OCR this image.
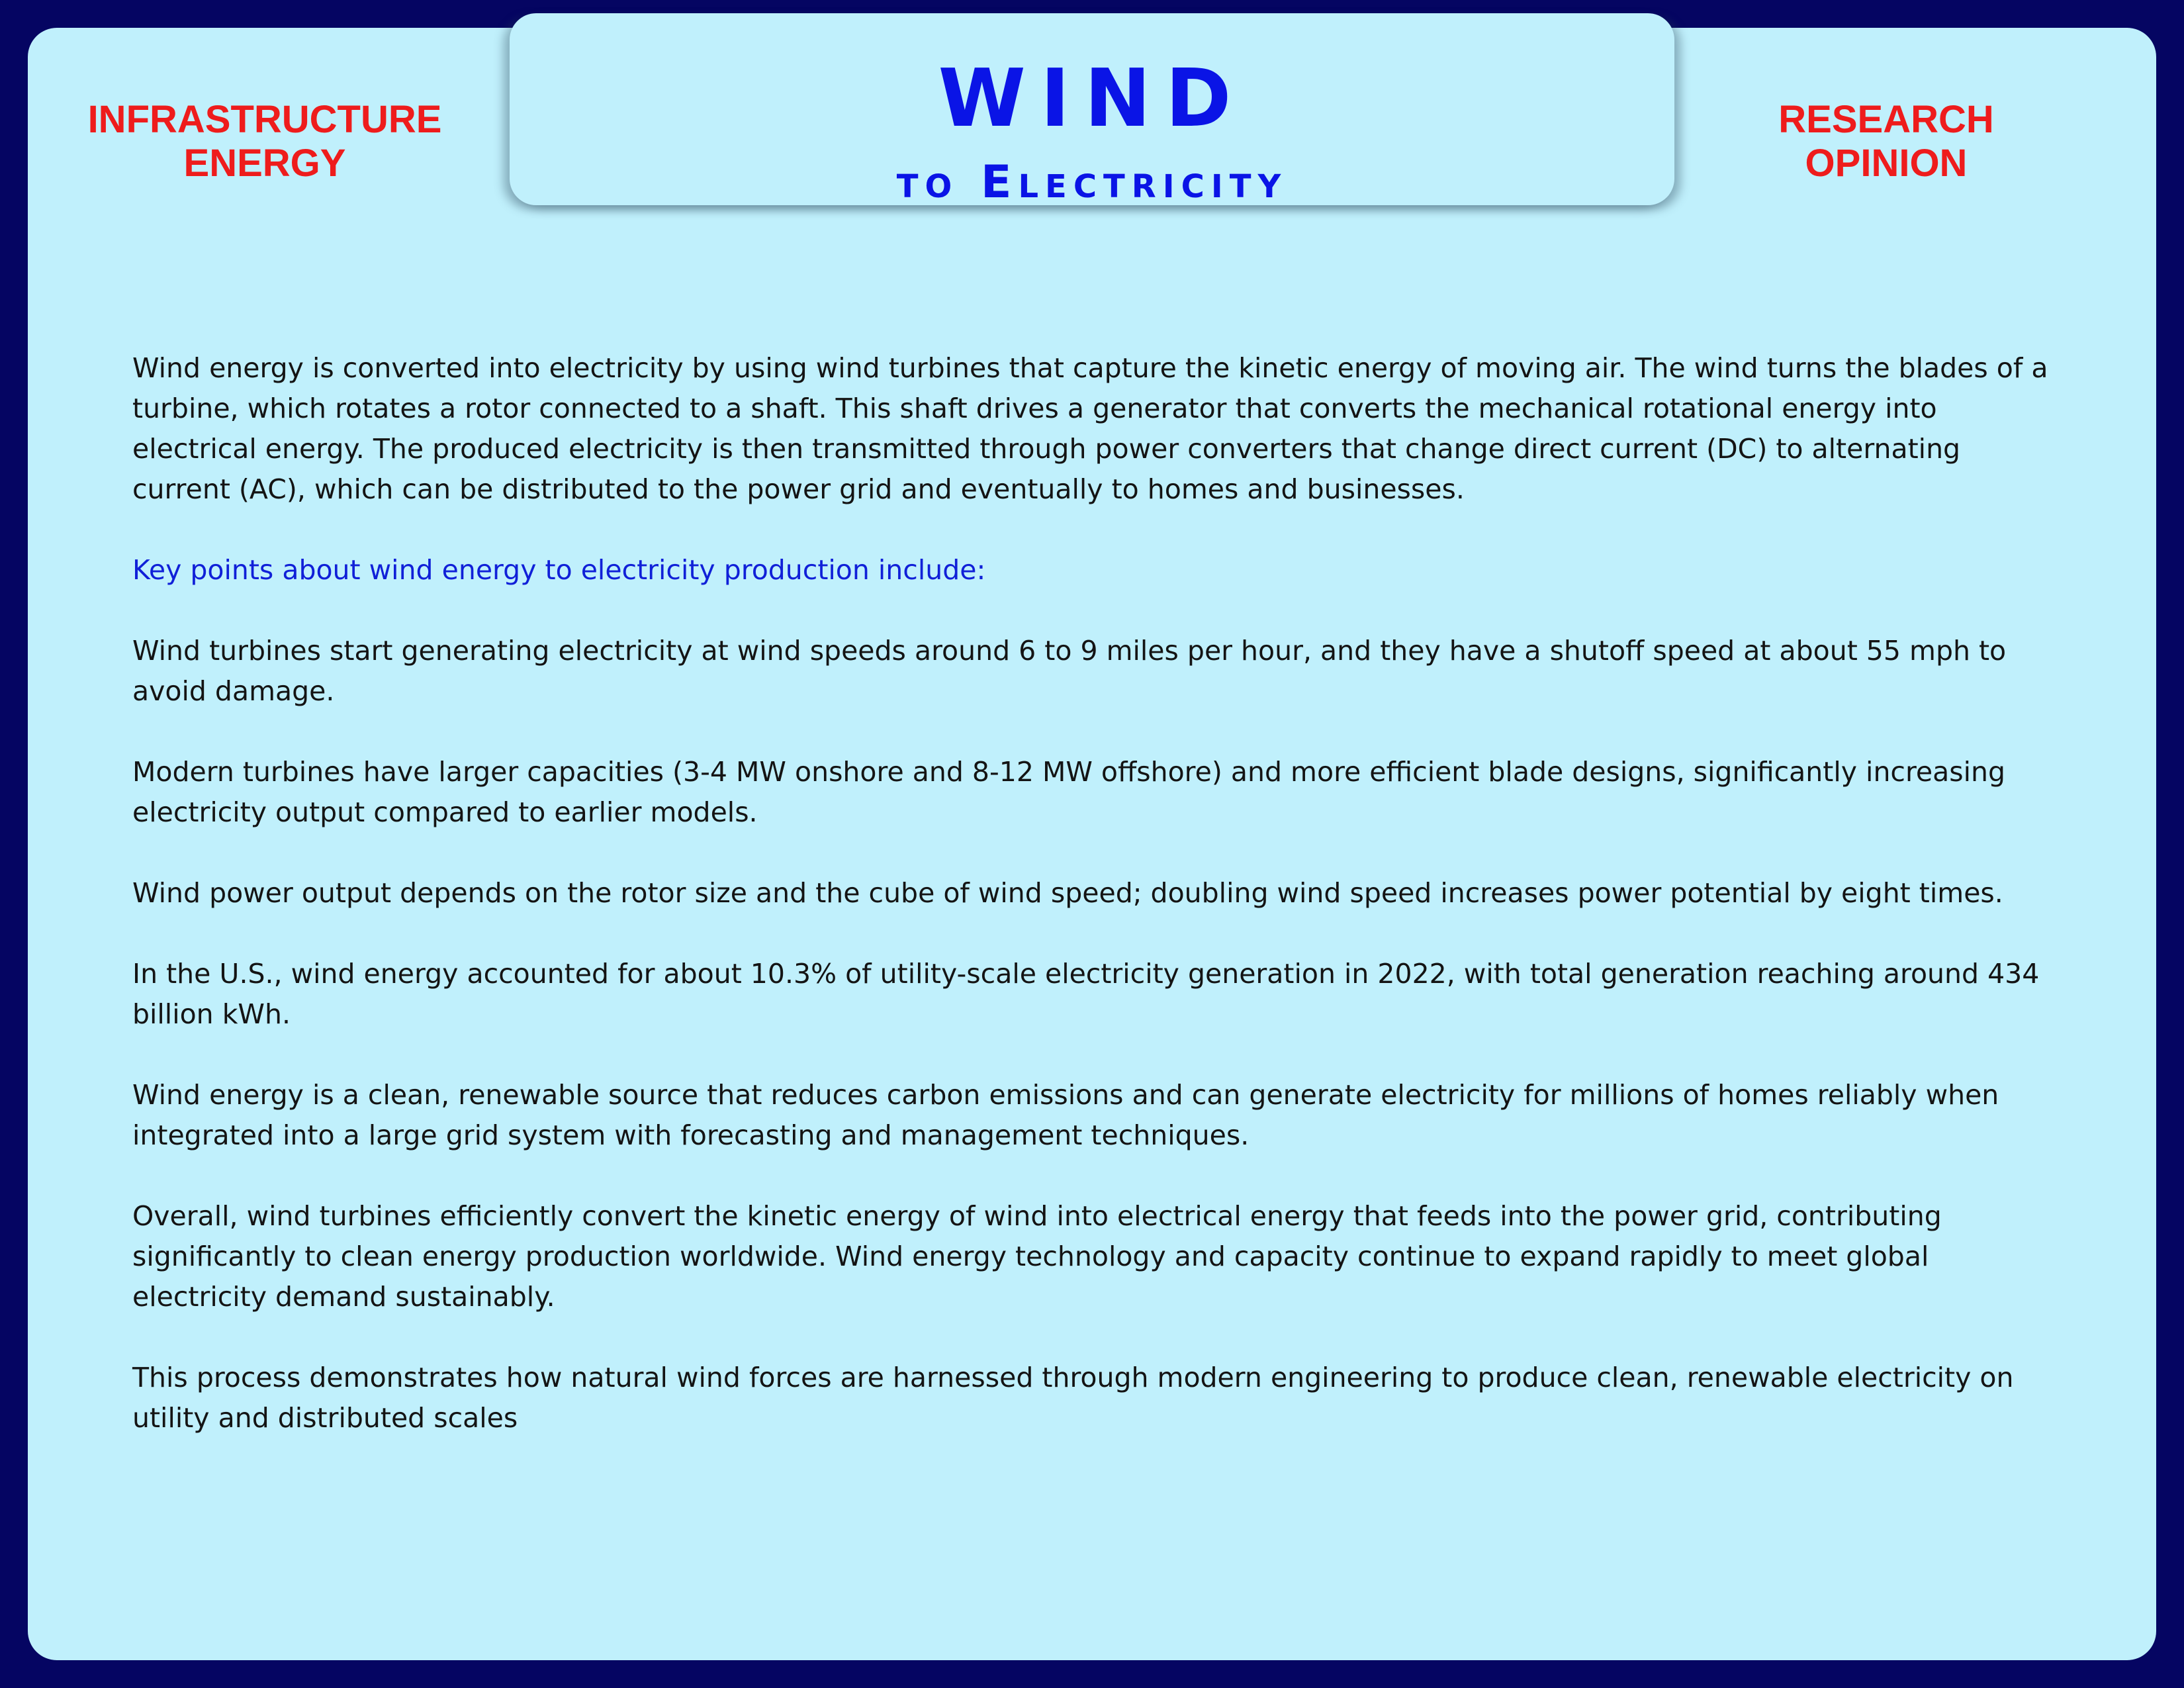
WIND
to Electricity
INFRASTRUCTURE
ENERGY
RESEARCH
OPINION

Wind energy is converted into electricity by using wind turbines that capture the kinetic energy of moving air. The wind turns the blades of a turbine, which rotates a rotor connected to a shaft. This shaft drives a generator that converts the mechanical rotational energy into electrical energy. The produced electricity is then transmitted through power converters that change direct current (DC) to alternating current (AC), which can be distributed to the power grid and eventually to homes and businesses.

Key points about wind energy to electricity production include:

Wind turbines start generating electricity at wind speeds around 6 to 9 miles per hour, and they have a shutoff speed at about 55 mph to avoid damage.

Modern turbines have larger capacities (3-4 MW onshore and 8-12 MW offshore) and more efficient blade designs, significantly increasing electricity output compared to earlier models.

Wind power output depends on the rotor size and the cube of wind speed; doubling wind speed increases power potential by eight times.

In the U.S., wind energy accounted for about 10.3% of utility-scale electricity generation in 2022, with total generation reaching around 434 billion kWh.

Wind energy is a clean, renewable source that reduces carbon emissions and can generate electricity for millions of homes reliably when integrated into a large grid system with forecasting and management techniques.

Overall, wind turbines efficiently convert the kinetic energy of wind into electrical energy that feeds into the power grid, contributing significantly to clean energy production worldwide. Wind energy technology and capacity continue to expand rapidly to meet global electricity demand sustainably.

This process demonstrates how natural wind forces are harnessed through modern engineering to produce clean, renewable electricity on utility and distributed scales
